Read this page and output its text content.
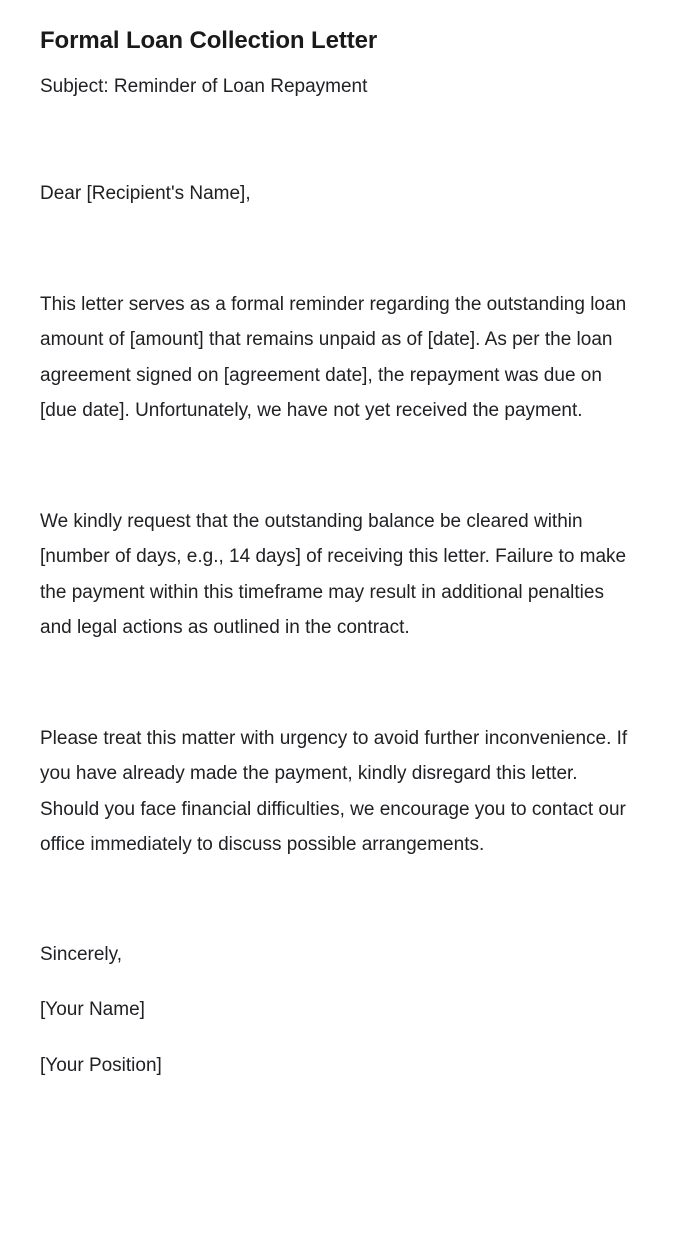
Formal Loan Collection Letter

Subject: Reminder of Loan Repayment

Dear [Recipient's Name],

This letter serves as a formal reminder regarding the outstanding loan amount of [amount] that remains unpaid as of [date]. As per the loan agreement signed on [agreement date], the repayment was due on [due date]. Unfortunately, we have not yet received the payment.

We kindly request that the outstanding balance be cleared within [number of days, e.g., 14 days] of receiving this letter. Failure to make the payment within this timeframe may result in additional penalties and legal actions as outlined in the contract.

Please treat this matter with urgency to avoid further inconvenience. If you have already made the payment, kindly disregard this letter. Should you face financial difficulties, we encourage you to contact our office immediately to discuss possible arrangements.

Sincerely,

[Your Name]

[Your Position]
